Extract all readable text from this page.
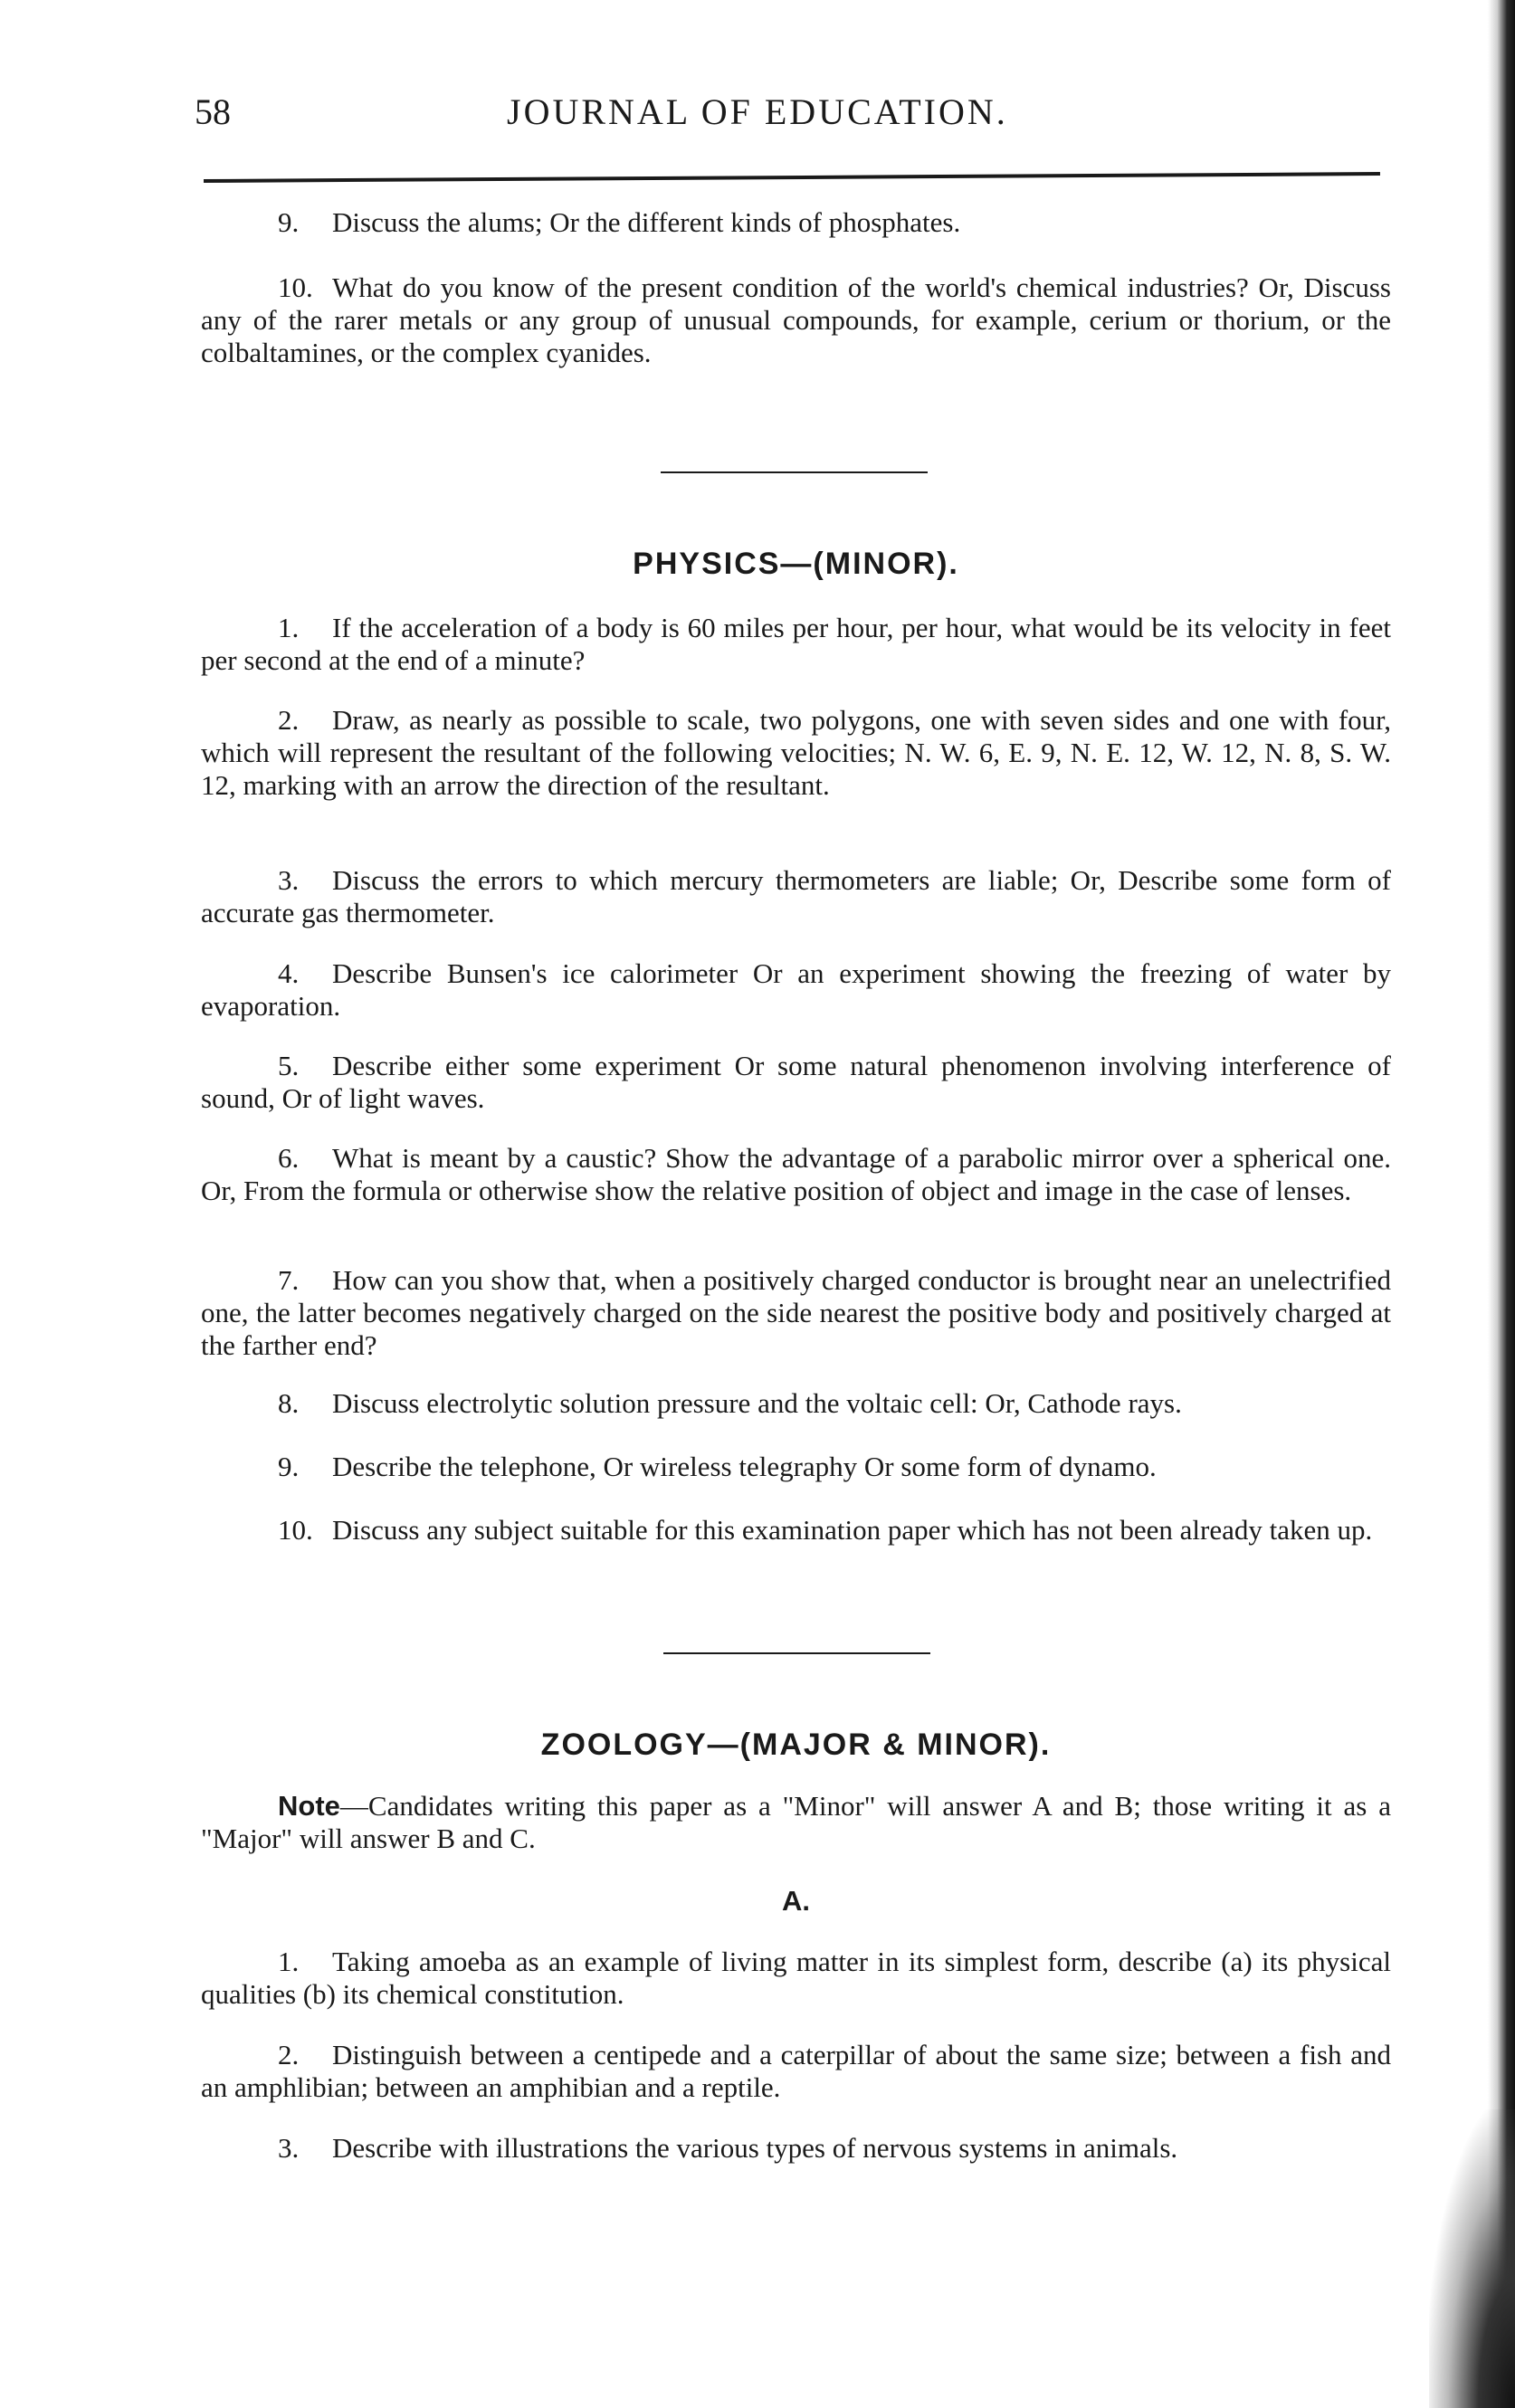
58	JOURNAL OF EDUCATION.

9. Discuss the alums; Or the different kinds of phosphates.

10. What do you know of the present condition of the world's chemical industries? Or, Discuss any of the rarer metals or any group of unusual compounds, for example, cerium or thorium, or the colbaltamines, or the complex cyanides.

PHYSICS—(MINOR).

1. If the acceleration of a body is 60 miles per hour, per hour, what would be its velocity in feet per second at the end of a minute?

2. Draw, as nearly as possible to scale, two polygons, one with seven sides and one with four, which will represent the resultant of the following velocities; N. W. 6, E. 9, N. E. 12, W. 12, N. 8, S. W. 12, marking with an arrow the direction of the resultant.

3. Discuss the errors to which mercury thermometers are liable; Or, Describe some form of accurate gas thermometer.

4. Describe Bunsen's ice calorimeter Or an experiment showing the freezing of water by evaporation.

5. Describe either some experiment Or some natural phenomenon involving interference of sound, Or of light waves.

6. What is meant by a caustic? Show the advantage of a parabolic mirror over a spherical one. Or, From the formula or otherwise show the relative position of object and image in the case of lenses.

7. How can you show that, when a positively charged conductor is brought near an unelectrified one, the latter becomes negatively charged on the side nearest the positive body and positively charged at the farther end?

8. Discuss electrolytic solution pressure and the voltaic cell: Or, Cathode rays.

9. Describe the telephone, Or wireless telegraphy Or some form of dynamo.

10. Discuss any subject suitable for this examination paper which has not been already taken up.

ZOOLOGY—(MAJOR & MINOR).

Note—Candidates writing this paper as a "Minor" will answer A and B; those writing it as a "Major" will answer B and C.

A.

1. Taking amoeba as an example of living matter in its simplest form, describe (a) its physical qualities (b) its chemical constitution.

2. Distinguish between a centipede and a caterpillar of about the same size; between a fish and an amphlibian; between an amphibian and a reptile.

3. Describe with illustrations the various types of nervous systems in animals.
